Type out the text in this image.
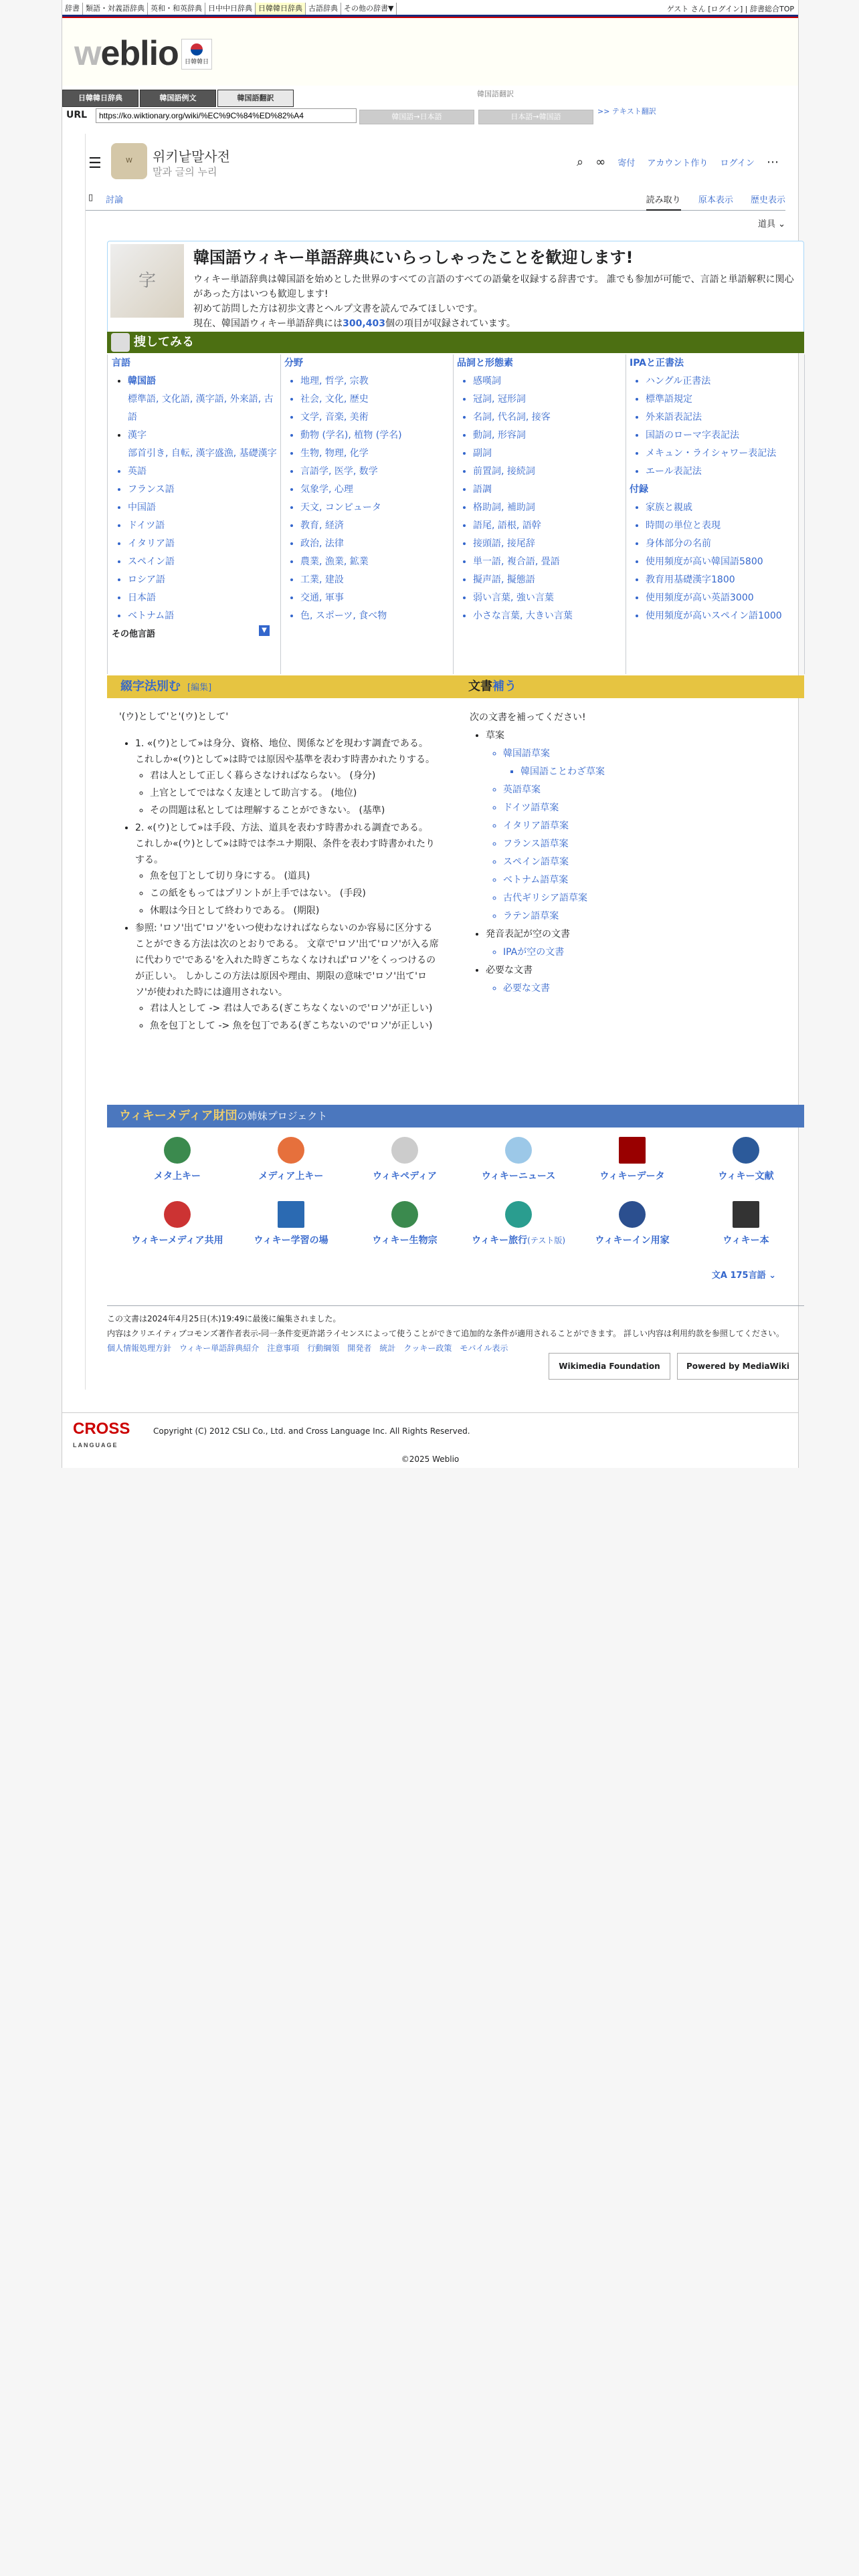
辞書 類語・対義語辞典 英和・和英辞典 日中中日辞典 日韓韓日辞典 古語辞典 その他の辞書▼	ゲスト さん [ログイン] | 辞書総合TOP
weblio	日韓韓日
日韓韓日辞典	韓国語例文	韓国語翻訳	韓国語翻訳
URL
https://ko.wiktionary.org/wiki/%EC%9C%84%ED%82%A4	韓国語→日本語	日本語→韓国語
>> テキスト翻訳
☰	W	위키낱말사전
말과 글의 누리
⌕ ∞ 寄付 アカウント作り ログイン ⋯
▯ 討論	読み取り 原本表示 歴史表示
道具 ⌄
字
韓国語ウィキー単語辞典にいらっしゃったことを歓迎します!
ウィキー単語辞典は韓国語を始めとした世界のすべての言語のすべての語彙を収録する辞書です。 誰でも参加が可能で、言語と単語解釈に関心があった方はいつも歓迎します!
初めて訪問した方は初歩文書とヘルプ文書を読んでみてほしいです。
現在、韓国語ウィキー単語辞典には300,403個の項目が収録されています。
捜してみる
言語
• 韓国語
標準語, 文化語, 漢字語, 外来語, 古語
• 漢字
部首引き, 自転, 漢字盛漁, 基礎漢字
• 英語
• フランス語
• 中国語
• ドイツ語
• イタリア語
• スペイン語
• ロシア語
• 日本語
• ベトナム語
その他言語	▼
分野
• 地理, 哲学, 宗教
• 社会, 文化, 歴史
• 文学, 音楽, 美術
• 動物 (学名), 植物 (学名)
• 生物, 物理, 化学
• 言語学, 医学, 数学
• 気象学, 心理
• 天文, コンピュータ
• 教育, 経済
• 政治, 法律
• 農業, 漁業, 鉱業
• 工業, 建設
• 交通, 軍事
• 色, スポーツ, 食べ物
品詞と形態素
• 感嘆詞
• 冠詞, 冠形詞
• 名詞, 代名詞, 接客
• 動詞, 形容詞
• 副詞
• 前置詞, 接続詞
• 語調
• 格助詞, 補助詞
• 語尾, 語根, 語幹
• 接頭語, 接尾辞
• 単一語, 複合語, 畳語
• 擬声語, 擬態語
• 弱い言葉, 強い言葉
• 小さな言葉, 大きい言葉
IPAと正書法
• ハングル正書法
• 標準語規定
• 外来語表記法
• 国語のローマ字表記法
• メキュン・ライシャワー表記法
• エール表記法
付録
• 家族と親戚
• 時間の単位と表現
• 身体部分の名前
• 使用頻度が高い韓国語5800
• 教育用基礎漢字1800
• 使用頻度が高い英語3000
• 使用頻度が高いスペイン語1000
綴字法別む [編集]	文書補う

'(ウ)として'と'(ウ)として'

• 1. «(ウ)として»は身分、資格、地位、関係などを現わす調査である。 これしか«(ウ)として»は時では原因や基準を表わす時書かれたりする。
◦ 君は人として正しく暮らさなければならない。 (身分)
◦ 上官としてではなく友達として助言する。 (地位)
◦ その問題は私としては理解することができない。 (基準)
• 2. «(ウ)として»は手段、方法、道具を表わす時書かれる調査である。 これしか«(ウ)として»は時では李ユナ期限、条件を表わす時書かれたりする。
◦ 魚を包丁として切り身にする。 (道具)
◦ この紙をもってはプリントが上手ではない。 (手段)
◦ 休暇は今日として終わりである。 (期限)
• 参照: 'ロソ'出て'ロソ'をいつ使わなければならないのか容易に区分することができる方法は次のとおりである。 文章で'ロソ'出て'ロソ'が入る席に代わりで'である'を入れた時ぎこちなくなければ'ロソ'をくっつけるのが正しい。 しかしこの方法は原因や理由、期限の意味で'ロソ'出て'ロソ'が使われた時には適用されない。
◦ 君は人として -> 君は人である(ぎこちなくないので'ロソ'が正しい)
◦ 魚を包丁として -> 魚を包丁である(ぎこちないので'ロソ'が正しい)
次の文書を補ってください!
• 草案
◦ 韓国語草案
▪ 韓国語ことわざ草案
◦ 英語草案
◦ ドイツ語草案
◦ イタリア語草案
◦ フランス語草案
◦ スペイン語草案
◦ ベトナム語草案
◦ 古代ギリシア語草案
◦ ラテン語草案
• 発音表記が空の文書
◦ IPAが空の文書
• 必要な文書
◦ 必要な文書
ウィキーメディア財団の姉妹プロジェクト
メタ上キー	メディア上キー	ウィキペディア	ウィキーニュース	ウィキーデータ	ウィキー文献
ウィキーメディア共用	ウィキー学習の場	ウィキー生物宗	ウィキー旅行(テスト版)	ウィキーイン用家	ウィキー本
文A 175言語 ⌄
この文書は2024年4月25日(木)19:49に最後に編集されました。
内容はクリエイティブコモンズ著作者表示-同一条件変更許諾ライセンスによって使うことができて追加的な条件が適用されることができます。 詳しい内容は利用約款を参照してください。
個人情報処理方針 ウィキー単語辞典紹介 注意事項 行動綱領 開発者 統計 クッキー政策 モバイル表示
Wikimedia Foundation	Powered by MediaWiki
CROSS
LANGUAGE
Copyright (C) 2012 CSLI Co., Ltd. and Cross Language Inc. All Rights Reserved.
©2025 Weblio
